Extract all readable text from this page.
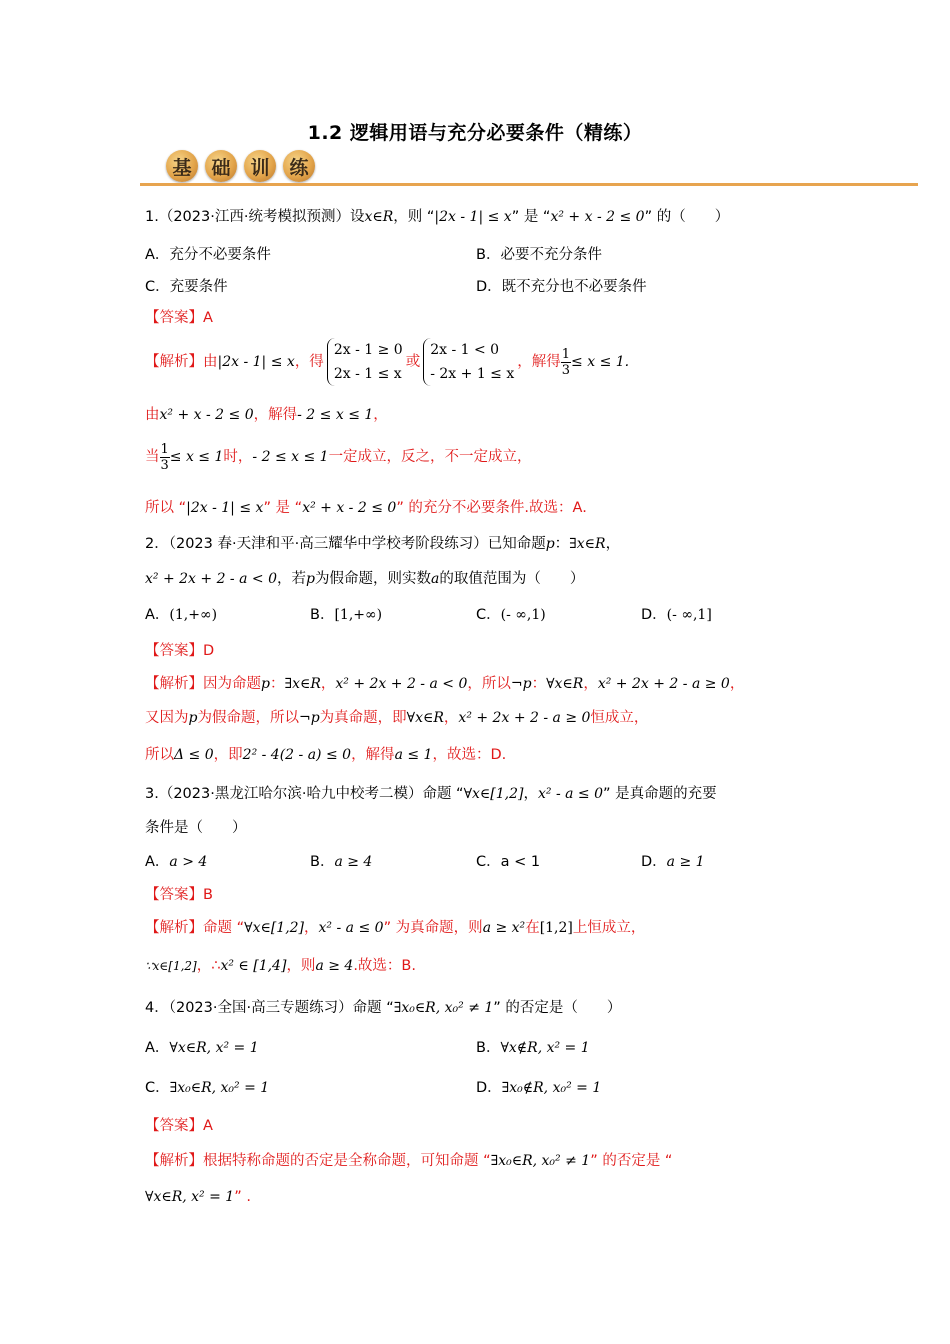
1.2 逻辑用语与充分必要条件（精练）
基	础	训	练
1.（2023·江西·统考模拟预测）设x∈R，则 “|2x - 1| ≤ x” 是 “x² + x - 2 ≤ 0” 的（　　）
A．充分不必要条件	B．必要不充分条件
C．充要条件	D．既不充分也不必要条件
【答案】A
【解析】由|2x - 1| ≤ x，得
2x - 1 ≥ 0
2x - 1 ≤ x
或
2x - 1 < 0
- 2x + 1 ≤ x
，解得 $\frac{1}{3} \le x \le 1$.
由x² + x - 2 ≤ 0，解得- 2 ≤ x ≤ 1，
当 $\frac{1}{3} \le x \le 1$时，- 2 ≤ x ≤ 1一定成立，反之，不一定成立，
所以 “|2x - 1| ≤ x” 是 “x² + x - 2 ≤ 0” 的充分不必要条件.故选：A.
2．（2023 春·天津和平·高三耀华中学校考阶段练习）已知命题p：∃x∈R，
x² + 2x + 2 - a < 0，若p为假命题，则实数a的取值范围为（　　）
A．(1,+∞)	B．[1,+∞)	C．(- ∞,1)	D．(- ∞,1]
【答案】D
【解析】因为命题p：∃x∈R，x² + 2x + 2 - a < 0，所以¬p：∀x∈R，x² + 2x + 2 - a ≥ 0，
又因为p为假命题，所以¬p为真命题，即∀x∈R，x² + 2x + 2 - a ≥ 0恒成立，
所以Δ ≤ 0，即2² - 4(2 - a) ≤ 0，解得a ≤ 1，故选：D.
3.（2023·黑龙江哈尔滨·哈九中校考二模）命题 “∀x∈[1,2]，x² - a ≤ 0” 是真命题的充要
条件是（　　）
A．a > 4	B．a ≥ 4	C．a < 1	D．a ≥ 1
【答案】B
【解析】命题 “∀x∈[1,2]，x² - a ≤ 0” 为真命题，则a ≥ x²在[1,2]上恒成立，
∵x∈[1,2]，∴x² ∈ [1,4]，则a ≥ 4.故选：B.
4．（2023·全国·高三专题练习）命题 “∃x₀∈R, x₀² ≠ 1” 的否定是（　　）
A．∀x∈R, x² = 1	B．∀x∉R, x² = 1
C．∃x₀∈R, x₀² = 1	D．∃x₀∉R, x₀² = 1
【答案】A
【解析】根据特称命题的否定是全称命题，可知命题 “∃x₀∈R, x₀² ≠ 1” 的否定是 “
∀x∈R, x² = 1” .
